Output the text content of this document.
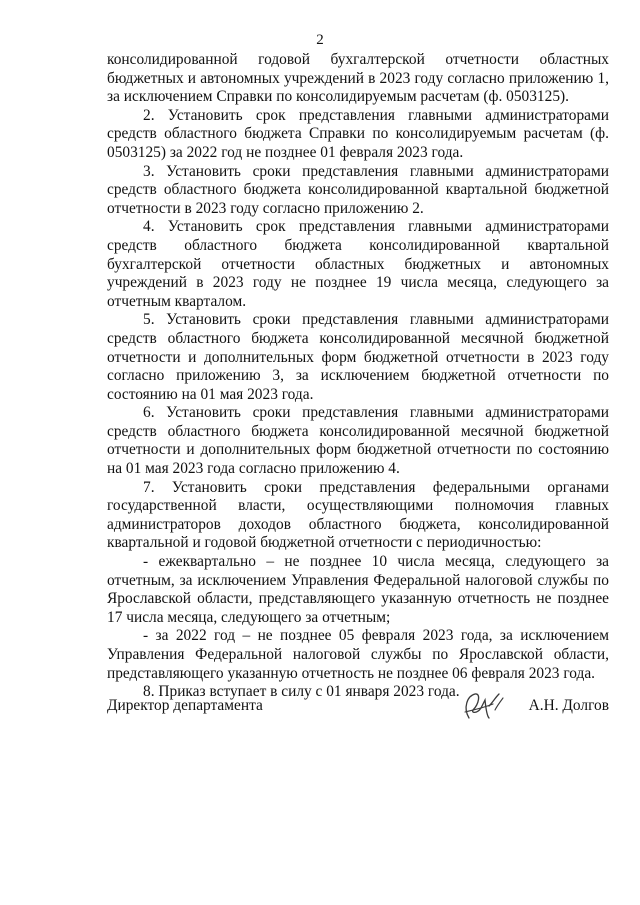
2

консолидированной годовой бухгалтерской отчетности областных бюджетных и автономных учреждений в 2023 году согласно приложению 1, за исключением Справки по консолидируемым расчетам (ф. 0503125).

2. Установить срок представления главными администраторами средств областного бюджета Справки по консолидируемым расчетам (ф. 0503125) за 2022 год не позднее 01 февраля 2023 года.

3. Установить сроки представления главными администраторами средств областного бюджета консолидированной квартальной бюджетной отчетности в 2023 году согласно приложению 2.

4. Установить срок представления главными администраторами средств областного бюджета консолидированной квартальной бухгалтерской отчетности областных бюджетных и автономных учреждений в 2023 году не позднее 19 числа месяца, следующего за отчетным кварталом.

5. Установить сроки представления главными администраторами средств областного бюджета консолидированной месячной бюджетной отчетности и дополнительных форм бюджетной отчетности в 2023 году согласно приложению 3, за исключением бюджетной отчетности по состоянию на 01 мая 2023 года.

6. Установить сроки представления главными администраторами средств областного бюджета консолидированной месячной бюджетной отчетности и дополнительных форм бюджетной отчетности по состоянию на 01 мая 2023 года согласно приложению 4.

7. Установить сроки представления федеральными органами государственной власти, осуществляющими полномочия главных администраторов доходов областного бюджета, консолидированной квартальной и годовой бюджетной отчетности с периодичностью:

- ежеквартально – не позднее 10 числа месяца, следующего за отчетным, за исключением Управления Федеральной налоговой службы по Ярославской области, представляющего указанную отчетность не позднее 17 числа месяца, следующего за отчетным;

- за 2022 год – не позднее 05 февраля 2023 года, за исключением Управления Федеральной налоговой службы по Ярославской области, представляющего указанную отчетность не позднее 06 февраля 2023 года.

8. Приказ вступает в силу с 01 января 2023 года.

Директор департамента	А.Н. Долгов
